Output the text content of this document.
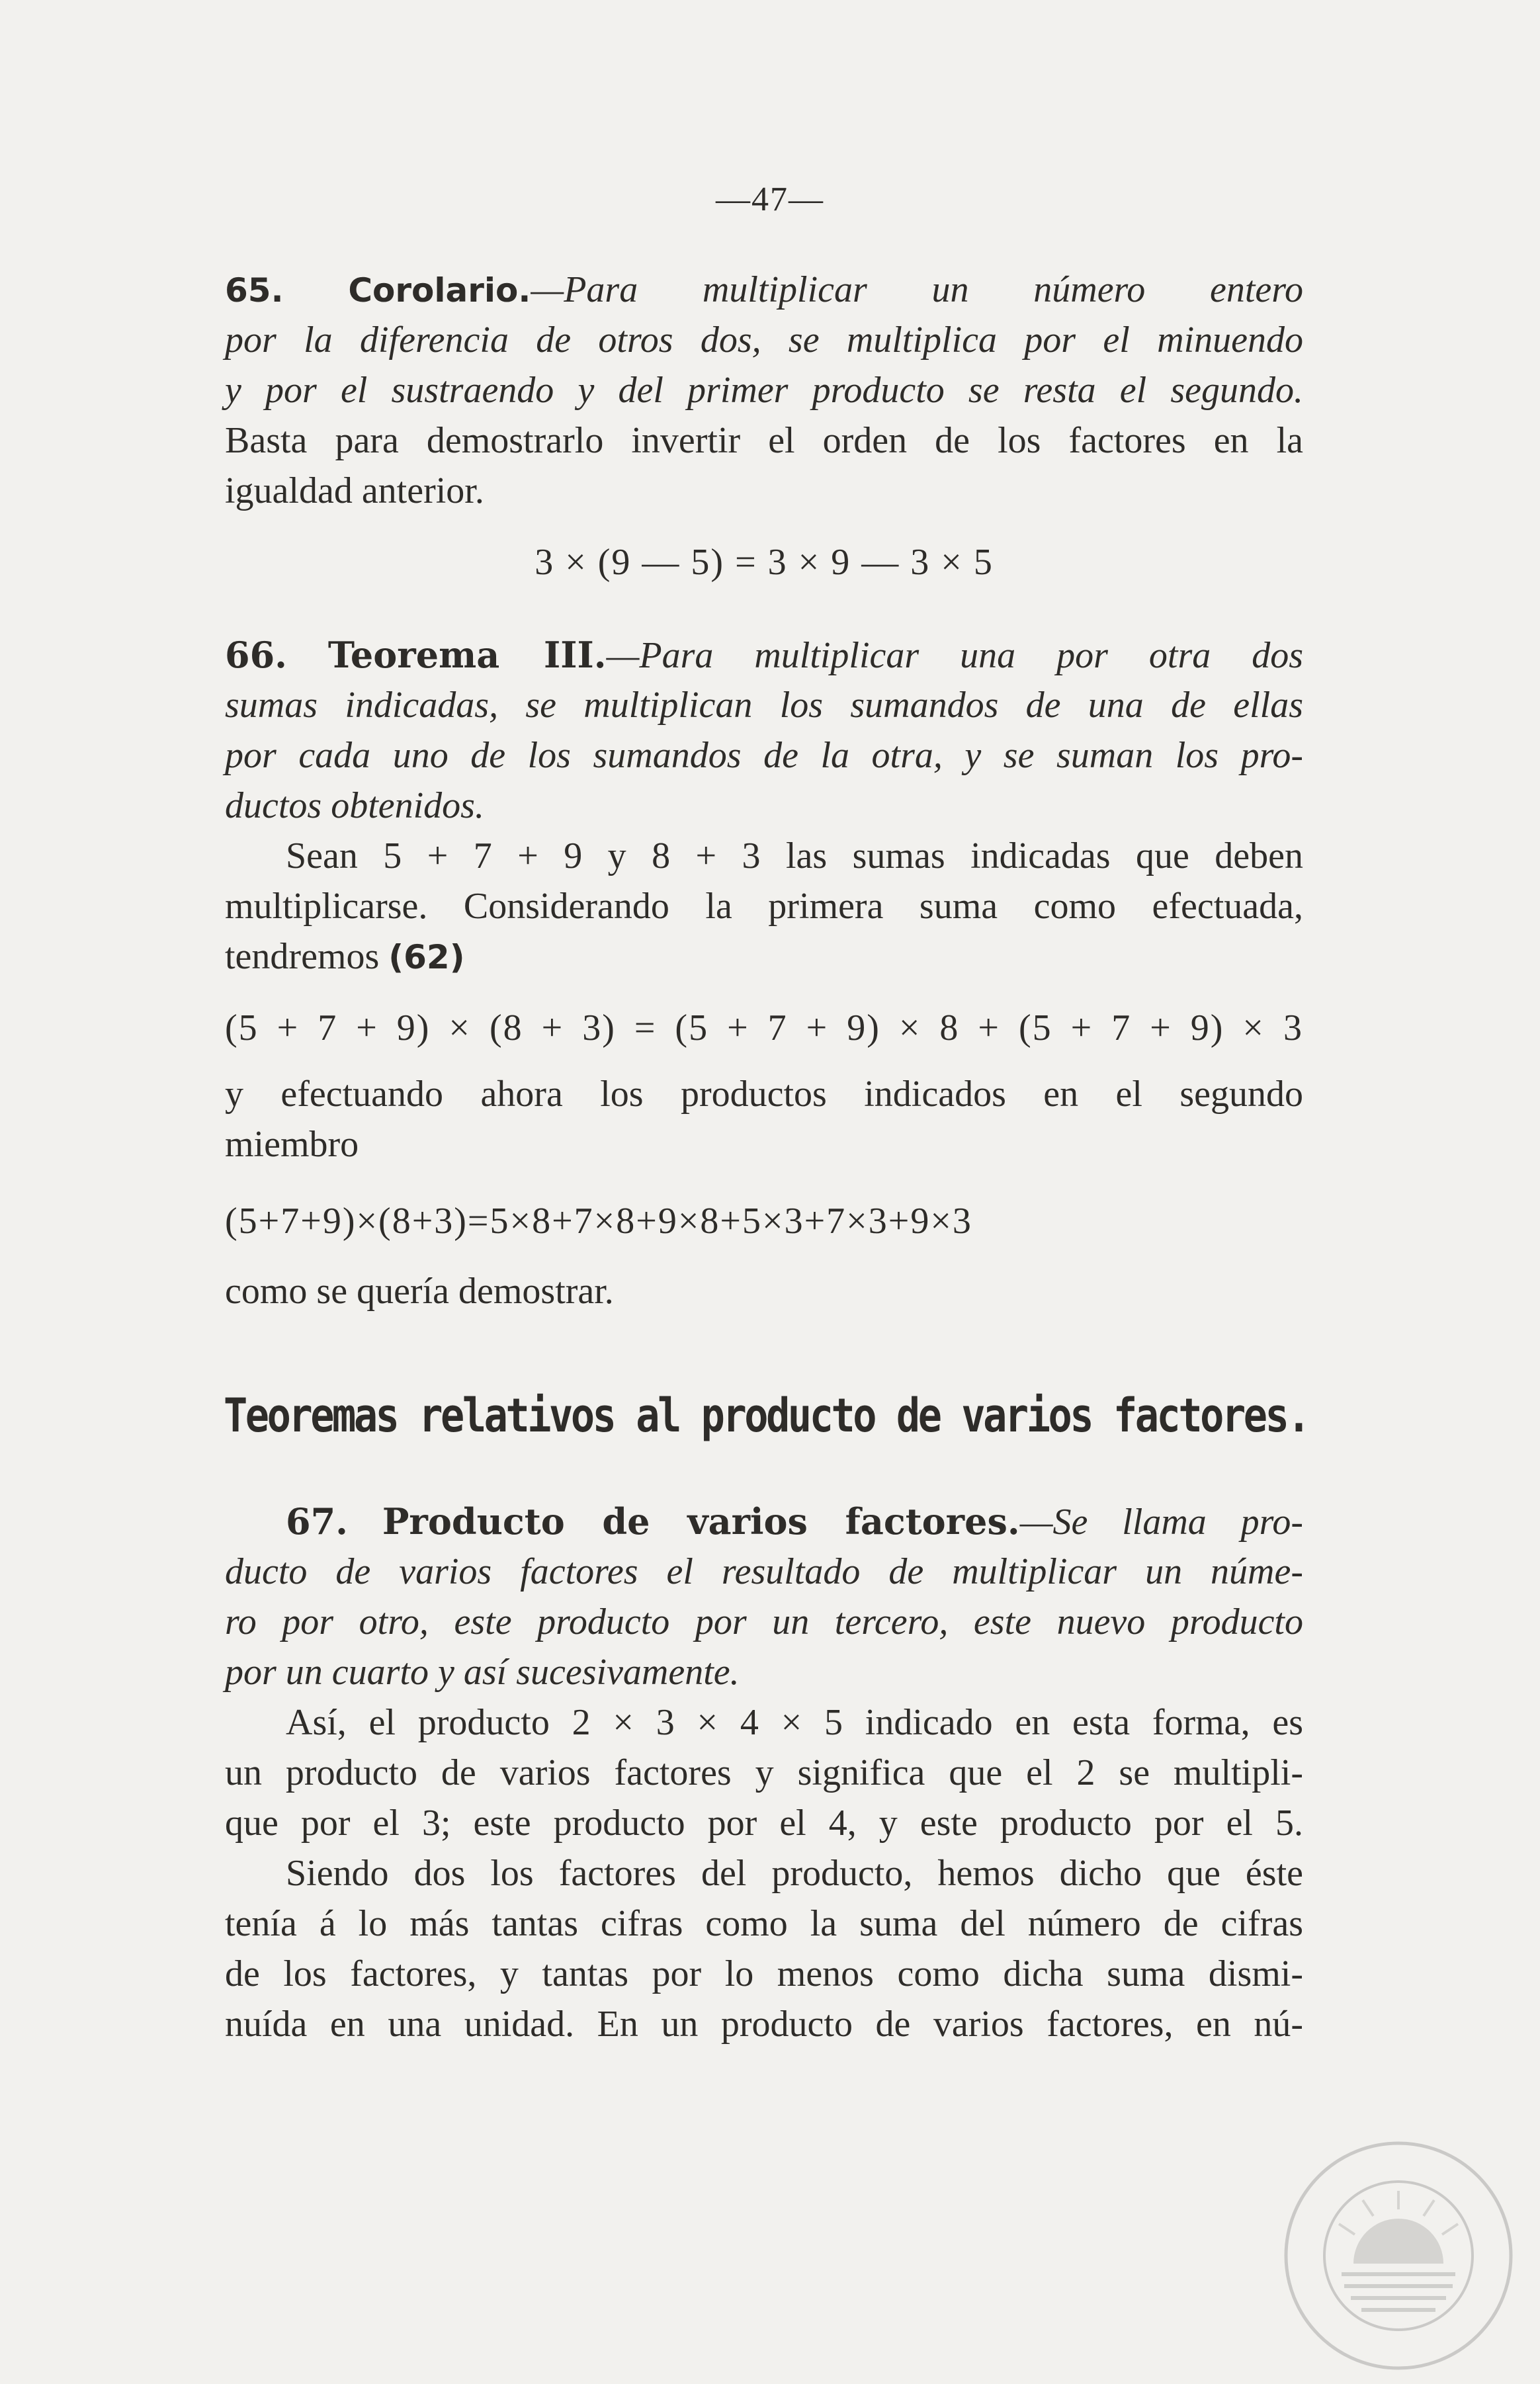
—47—
65. Corolario.—Para multiplicar un número entero
por la diferencia de otros dos, se multiplica por el minuendo
y por el sustraendo y del primer producto se resta el segundo.
Basta para demostrarlo invertir el orden de los factores en la
igualdad anterior.
3 × (9 — 5) = 3 × 9 — 3 × 5
66. Teorema III.—Para multiplicar una por otra dos
sumas indicadas, se multiplican los sumandos de una de ellas
por cada uno de los sumandos de la otra, y se suman los pro-
ductos obtenidos.
Sean 5 + 7 + 9 y 8 + 3 las sumas indicadas que deben
multiplicarse. Considerando la primera suma como efectuada,
tendremos (62)
(5 + 7 + 9) × (8 + 3) = (5 + 7 + 9) × 8 + (5 + 7 + 9) × 3
y efectuando ahora los productos indicados en el segundo
miembro
(5+7+9)×(8+3)=5×8+7×8+9×8+5×3+7×3+9×3
como se quería demostrar.
Teoremas relativos al producto de varios factores.
67. Producto de varios factores.—Se llama pro-
ducto de varios factores el resultado de multiplicar un núme-
ro por otro, este producto por un tercero, este nuevo producto
por un cuarto y así sucesivamente.
Así, el producto 2 × 3 × 4 × 5 indicado en esta forma, es
un producto de varios factores y significa que el 2 se multipli-
que por el 3; este producto por el 4, y este producto por el 5.
Siendo dos los factores del producto, hemos dicho que éste
tenía á lo más tantas cifras como la suma del número de cifras
de los factores, y tantas por lo menos como dicha suma dismi-
nuída en una unidad. En un producto de varios factores, en nú-
